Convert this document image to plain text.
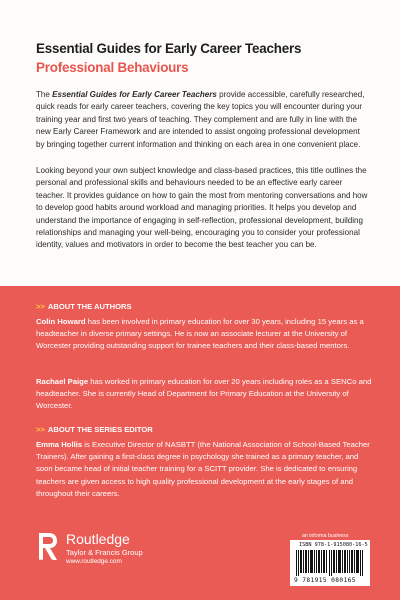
Essential Guides for Early Career Teachers
Professional Behaviours
The Essential Guides for Early Career Teachers provide accessible, carefully researched, quick reads for early career teachers, covering the key topics you will encounter during your training year and first two years of teaching. They complement and are fully in line with the new Early Career Framework and are intended to assist ongoing professional development by bringing together current information and thinking on each area in one convenient place.
Looking beyond your own subject knowledge and class-based practices, this title outlines the personal and professional skills and behaviours needed to be an effective early career teacher. It provides guidance on how to gain the most from mentoring conversations and how to develop good habits around workload and managing priorities. It helps you develop and understand the importance of engaging in self-reflection, professional development, building relationships and managing your well-being, encouraging you to consider your professional identity, values and motivators in order to become the best teacher you can be.
>> ABOUT THE AUTHORS
Colin Howard has been involved in primary education for over 30 years, including 15 years as a headteacher in diverse primary settings. He is now an associate lecturer at the University of Worcester providing outstanding support for trainee teachers and their class-based mentors.
Rachael Paige has worked in primary education for over 20 years including roles as a SENCo and headteacher. She is currently Head of Department for Primary Education at the University of Worcester.
>> ABOUT THE SERIES EDITOR
Emma Hollis is Executive Director of NASBTT (the National Association of School-Based Teacher Trainers). After gaining a first-class degree in psychology she trained as a primary teacher, and soon became head of initial teacher training for a SCITT provider. She is dedicated to ensuring teachers are given access to high quality professional development at the early stages of and throughout their careers.
ROUTLEDGE
Routledge
Taylor & Francis Group
www.routledge.com
an informa business
ISBN 978-1-915080-16-5
9 781915 080165
